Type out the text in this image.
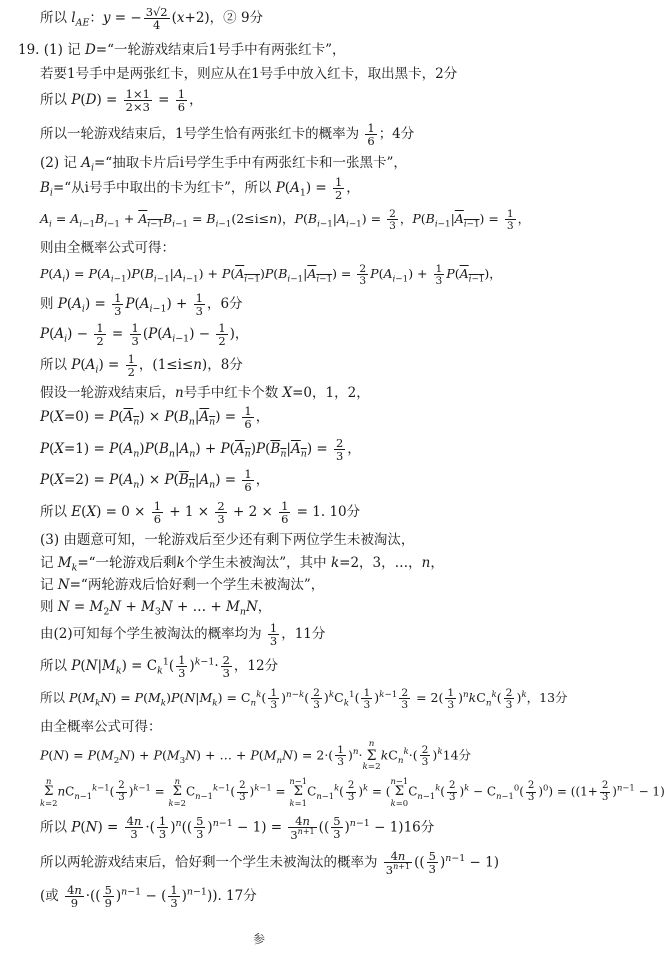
所以 $l_{AE}$：y = − $\frac{3√2}{4} (x+2)$，② 9分
19. (1) 记 D=“一轮游戏结束后1号手中有两张红卡”，
若要1号手中是两张红卡，则应从在1号手中放入红卡，取出黑卡，2分
所以 $P(D) = \frac{1\times 1}{2\times 3} = \frac{1}{6}$ ，
所以一轮游戏结束后，1号学生恰有两张红卡的概率为 $\frac{1}{6}$ ；4分
(2) 记 $A_i=“$抽取卡片后i号学生手中有两张红卡和一张黑卡”，
$B_i=“$从i号手中取出的卡为红卡”，所以 $P(A_1) = \frac{1}{2}$ ，
$A_i = A_{i-1}B_{i-1} + A_{i-1}B_{i-1} = B_{i-1}(2\le i\le n)$，$P(B_{i-1}|A_{i-1}) = \frac{2}{3}$ ，$P(B_{i-1}|A_{i-1}) = \frac{1}{3}$ ，
则由全概率公式可得：
$P(A_i) = P(A_{i-1})P(B_{i-1}|A_{i-1}) + P(A_{i-1})P(B_{i-1}|A_{i-1}) = \frac{2}{3} P(A_{i-1}) + \frac{1}{3} P(A_{i-1})$，
则 $P(A_i) = \frac{1}{3} P(A_{i-1}) + \frac{1}{3}$ ，6分
$P(A_i) - \frac{1}{2} = \frac{1}{3} (P(A_{i-1}) - \frac{1}{2}$ )，
所以 $P(A_i) = \frac{1}{2}$ ，(1≤i≤n)，8分
假设一轮游戏结束后，n号手中红卡个数 X=0，1，2，
$P(X=0) = P(A_n) \times P(B_n|A_n) = \frac{1}{6}$ ，
$P(X=1) = P(A_n)P(B_n|A_n) + P(A_n)P(B_n|A_n) = \frac{2}{3}$ ，
$P(X=2) = P(A_n) \times P(B_n|A_n) = \frac{1}{6}$ ，
所以 $E(X) = 0 \times \frac{1}{6} + 1 \times \frac{2}{3} + 2 \times \frac{1}{6} = 1$. 10分
(3) 由题意可知，一轮游戏后至少还有剩下两位学生未被淘汰，
记 $M_k=“$一轮游戏后剩k个学生未被淘汰”，其中 k=2，3，…，n，
记 N=“两轮游戏后恰好剩一个学生未被淘汰”，
则 $N = M_2N + M_3N$ + … + $M_nN$，
由(2)可知每个学生被淘汰的概率均为 $\frac{1}{3}$ ，11分
所以 $P(N|M_k) = C_k^1( \frac{1}{3} )^{k-1}\cdot \frac{2}{3}$ ，12分
所以 $P(M_kN) = P(M_k)P(N|M_k) = C_n^k( \frac{1}{3} )^{n-k}( \frac{2}{3} )^kC_k^1( \frac{1}{3} )^{k-1} \frac{2}{3} = 2( \frac{1}{3} )^nkC_n^k( \frac{2}{3} )^k$，13分
由全概率公式可得：
$P(N) = P(M_2N) + P(M_3N)$ + … + $P(M_nN) = 2\cdot( \frac{1}{3} )^n\cdot n$
Σ
$k=2kC_n^k\cdot( \frac{2}{3} )^k14$分
n
Σ
$k=2nC_{n-1}^{k-1}( \frac{2}{3} )^{k-1} = n$
Σ
$k=2C_{n-1}^{k-1}( \frac{2}{3} )^{k-1} = n-1$
Σ
$k=1C_{n-1}^k( \frac{2}{3} )^k = (n-1$
Σ
$k=0C_{n-1}^k( \frac{2}{3} )^k - C_{n-1}^0( \frac{2}{3} )^0) = ((1+ \frac{2}{3} )^{n-1} - 1)$
所以 $P(N) = \frac{4n}{3}$ ·( $\frac{1}{3} )^n(( \frac{5}{3} )^{n-1} - 1) = \frac{4n}{3^{n+1}}$ (( $\frac{5}{3} )^{n-1} - 1)16$分
所以两轮游戏结束后，恰好剩一个学生未被淘汰的概率为 $\frac{4n}{3^{n+1}}$ (( $\frac{5}{3} )^{n-1} - 1$)
(或 $\frac{4n}{9}$ ·(( $\frac{5}{9} )^{n-1}$ − ( $\frac{1}{3} )^{n-1}$)). 17分
参
